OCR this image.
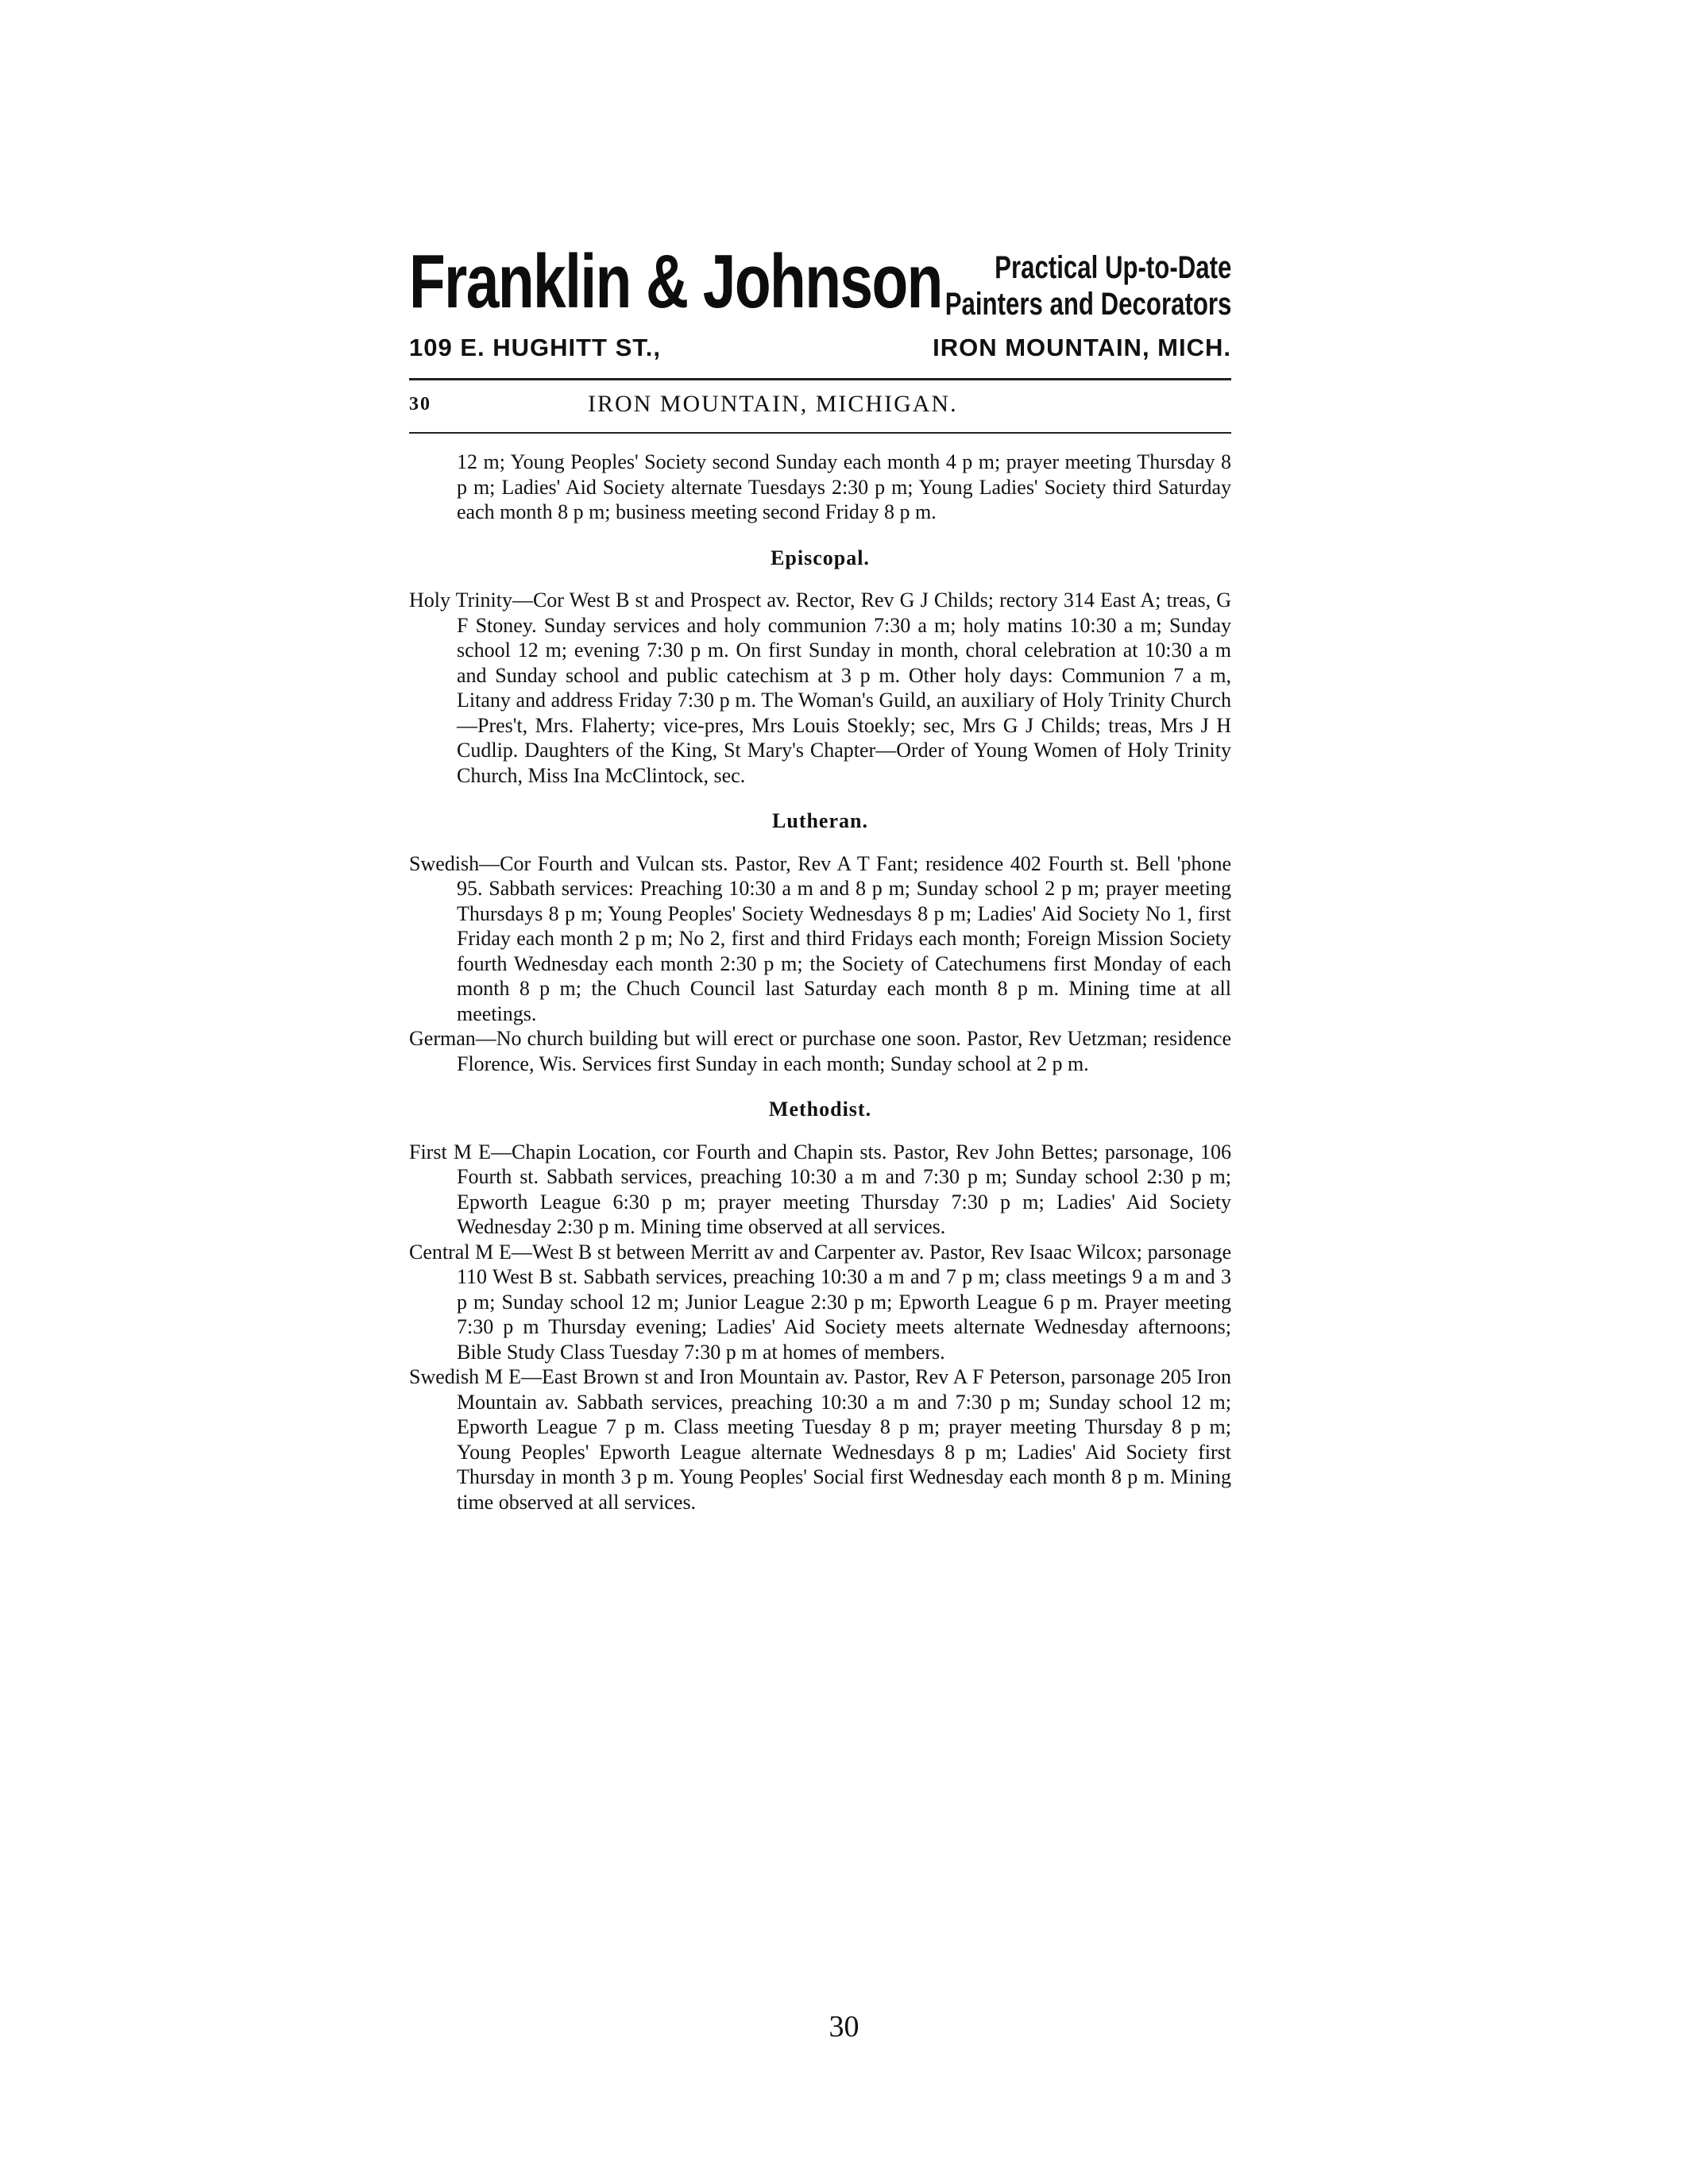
Franklin & Johnson	Practical Up-to-Date
Painters and Decorators
109 E. HUGHITT ST.,	IRON MOUNTAIN, MICH.
30	IRON MOUNTAIN, MICHIGAN.

12 m; Young Peoples' Society second Sunday each month 4 p m; prayer meeting Thursday 8 p m; Ladies' Aid Society alternate Tuesdays 2:30 p m; Young Ladies' Society third Saturday each month 8 p m; business meeting second Friday 8 p m.

Episcopal.

Holy Trinity—Cor West B st and Prospect av. Rector, Rev G J Childs; rectory 314 East A; treas, G F Stoney. Sunday services and holy communion 7:30 a m; holy matins 10:30 a m; Sunday school 12 m; evening 7:30 p m. On first Sunday in month, choral celebration at 10:30 a m and Sunday school and public catechism at 3 p m. Other holy days: Communion 7 a m, Litany and address Friday 7:30 p m. The Woman's Guild, an auxiliary of Holy Trinity Church—Pres't, Mrs. Flaherty; vice-pres, Mrs Louis Stoekly; sec, Mrs G J Childs; treas, Mrs J H Cudlip. Daughters of the King, St Mary's Chapter—Order of Young Women of Holy Trinity Church, Miss Ina McClintock, sec.

Lutheran.

Swedish—Cor Fourth and Vulcan sts. Pastor, Rev A T Fant; residence 402 Fourth st. Bell 'phone 95. Sabbath services: Preaching 10:30 a m and 8 p m; Sunday school 2 p m; prayer meeting Thursdays 8 p m; Young Peoples' Society Wednesdays 8 p m; Ladies' Aid Society No 1, first Friday each month 2 p m; No 2, first and third Fridays each month; Foreign Mission Society fourth Wednesday each month 2:30 p m; the Society of Catechumens first Monday of each month 8 p m; the Chuch Council last Saturday each month 8 p m. Mining time at all meetings.

German—No church building but will erect or purchase one soon. Pastor, Rev Uetzman; residence Florence, Wis. Services first Sunday in each month; Sunday school at 2 p m.

Methodist.

First M E—Chapin Location, cor Fourth and Chapin sts. Pastor, Rev John Bettes; parsonage, 106 Fourth st. Sabbath services, preaching 10:30 a m and 7:30 p m; Sunday school 2:30 p m; Epworth League 6:30 p m; prayer meeting Thursday 7:30 p m; Ladies' Aid Society Wednesday 2:30 p m. Mining time observed at all services.

Central M E—West B st between Merritt av and Carpenter av. Pastor, Rev Isaac Wilcox; parsonage 110 West B st. Sabbath services, preaching 10:30 a m and 7 p m; class meetings 9 a m and 3 p m; Sunday school 12 m; Junior League 2:30 p m; Epworth League 6 p m. Prayer meeting 7:30 p m Thursday evening; Ladies' Aid Society meets alternate Wednesday afternoons; Bible Study Class Tuesday 7:30 p m at homes of members.

Swedish M E—East Brown st and Iron Mountain av. Pastor, Rev A F Peterson, parsonage 205 Iron Mountain av. Sabbath services, preaching 10:30 a m and 7:30 p m; Sunday school 12 m; Epworth League 7 p m. Class meeting Tuesday 8 p m; prayer meeting Thursday 8 p m; Young Peoples' Epworth League alternate Wednesdays 8 p m; Ladies' Aid Society first Thursday in month 3 p m. Young Peoples' Social first Wednesday each month 8 p m. Mining time observed at all services.

30
